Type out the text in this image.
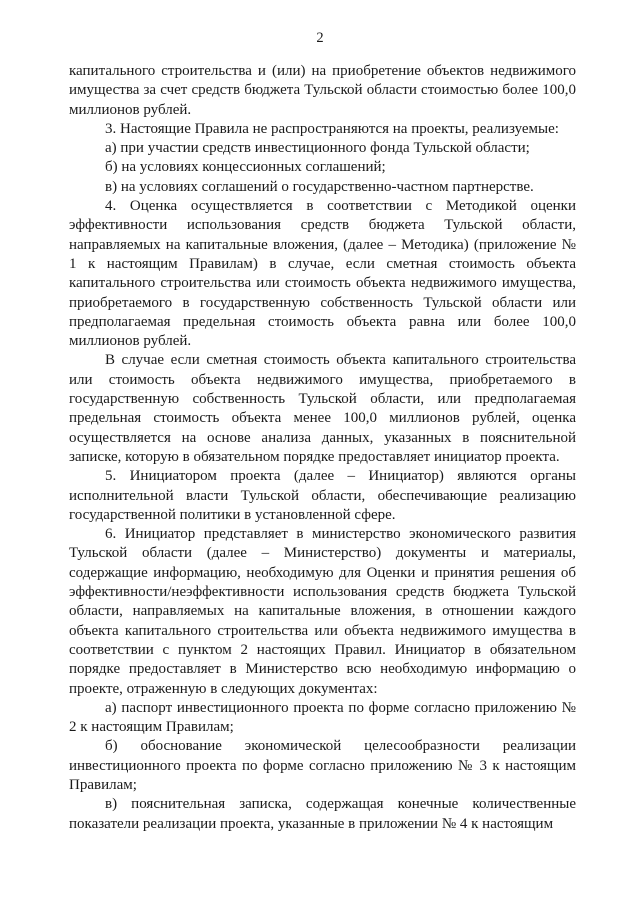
2

капитального строительства и (или) на приобретение объектов недвижимого имущества за счет средств бюджета Тульской области стоимостью более 100,0 миллионов рублей.

3. Настоящие Правила не распространяются на проекты, реализуемые:

а) при участии средств инвестиционного фонда Тульской области;

б) на условиях концессионных соглашений;

в) на условиях соглашений о государственно-частном партнерстве.

4. Оценка осуществляется в соответствии с Методикой оценки эффективности использования средств бюджета Тульской области, направляемых на капитальные вложения, (далее – Методика) (приложение № 1 к настоящим Правилам) в случае, если сметная стоимость объекта капитального строительства или стоимость объекта недвижимого имущества, приобретаемого в государственную собственность Тульской области или предполагаемая предельная стоимость объекта равна или более 100,0 миллионов рублей.

В случае если сметная стоимость объекта капитального строительства или стоимость объекта недвижимого имущества, приобретаемого в государственную собственность Тульской области, или предполагаемая предельная стоимость объекта менее 100,0 миллионов рублей, оценка осуществляется на основе анализа данных, указанных в пояснительной записке, которую в обязательном порядке предоставляет инициатор проекта.

5. Инициатором проекта (далее – Инициатор) являются органы исполнительной власти Тульской области, обеспечивающие реализацию государственной политики в установленной сфере.

6. Инициатор представляет в министерство экономического развития Тульской области (далее – Министерство) документы и материалы, содержащие информацию, необходимую для Оценки и принятия решения об эффективности/неэффективности использования средств бюджета Тульской области, направляемых на капитальные вложения, в отношении каждого объекта капитального строительства или объекта недвижимого имущества в соответствии с пунктом 2 настоящих Правил. Инициатор в обязательном порядке предоставляет в Министерство всю необходимую информацию о проекте, отраженную в следующих документах:

а) паспорт инвестиционного проекта по форме согласно приложению № 2 к настоящим Правилам;

б) обоснование экономической целесообразности реализации инвестиционного проекта по форме согласно приложению № 3 к настоящим Правилам;

в) пояснительная записка, содержащая конечные количественные показатели реализации проекта, указанные в приложении № 4 к настоящим
